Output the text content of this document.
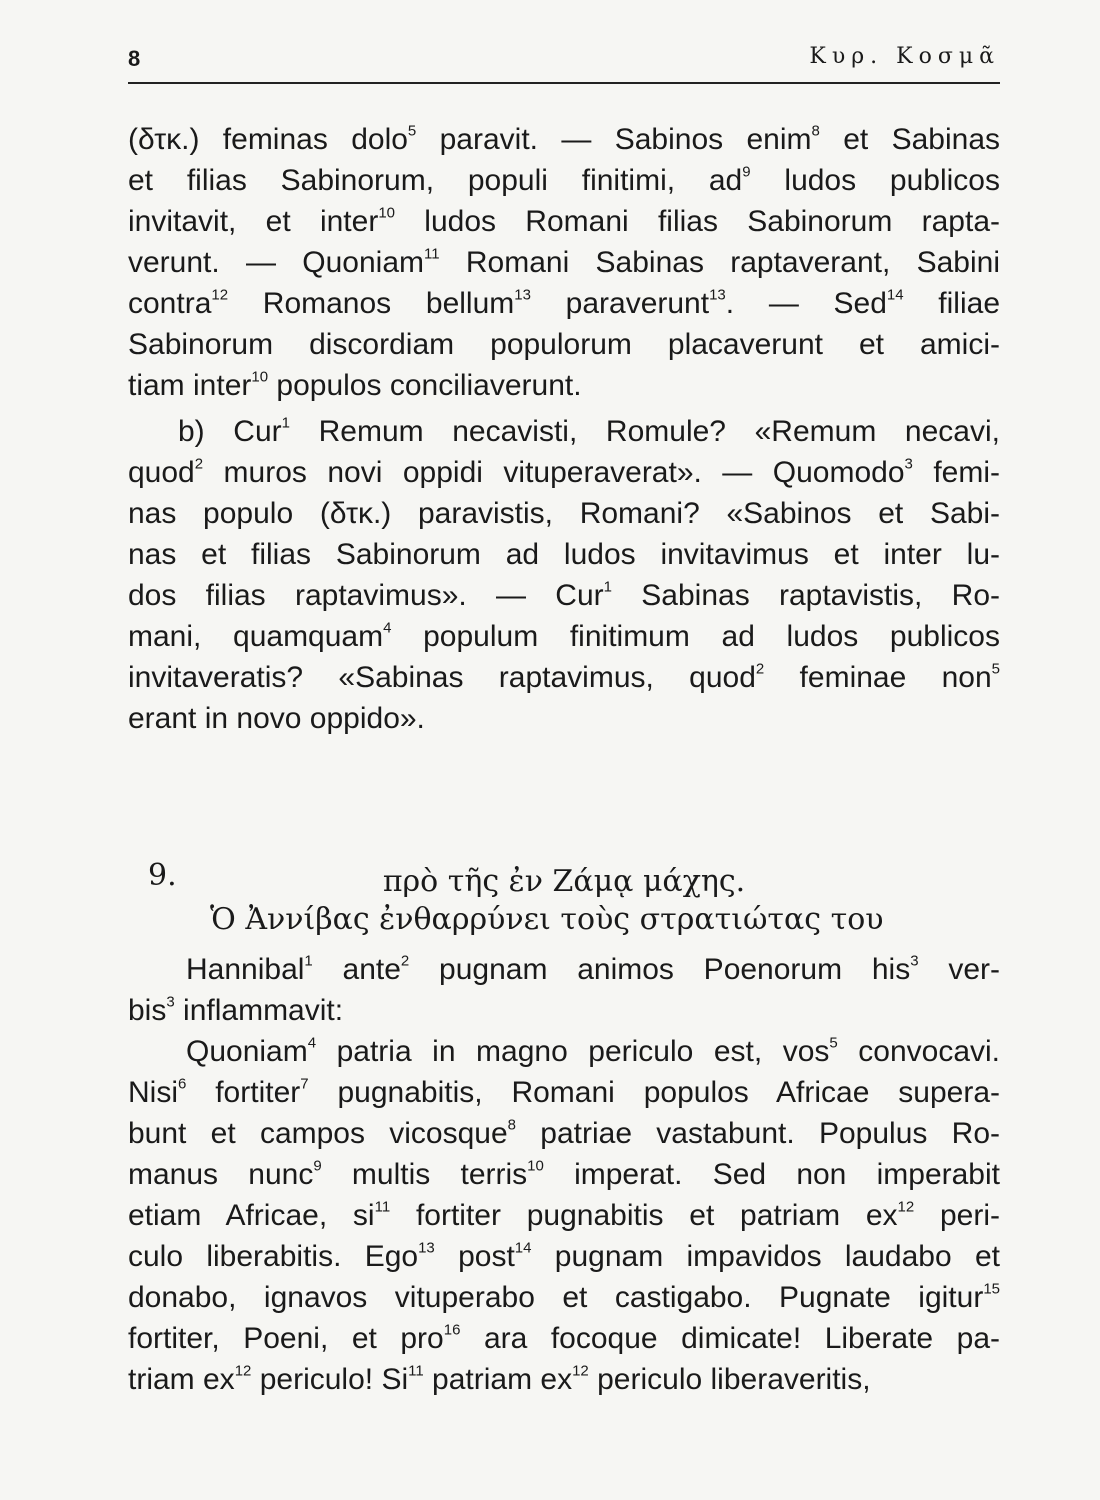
8	Κυρ. Κοσμᾶ
(δτκ.) feminas dolo$^5$ paravit. — Sabinos enim$^8$ et Sabinas
et filias Sabinorum, populi finitimi, $ad^9$ ludos publicos
invitavit, et inter$^{10}$ ludos Romani filias Sabinorum rapta-
verunt. — Quoniam$^{11}$ Romani Sabinas raptaverant, Sabini
contra$^{12}$ Romanos bellum$^{13}$ paraverunt$^{13}$. — Sed$^{14}$ filiae
Sabinorum discordiam populorum placaverunt et amici-
tiam inter$^{10}$ populos conciliaverunt.
b) Cur$^1$ Remum necavisti, Romule? «Remum necavi,
quod$^2$ muros novi oppidi vituperaverat». — Quomodo$^3$ femi-
nas populo (δτκ.) paravistis, Romani? «Sabinos et Sabi-
nas et filias Sabinorum ad ludos invitavimus et inter lu-
dos filias raptavimus». — Cur$^1$ Sabinas raptavistis, Ro-
mani, quamquam$^4$ populum finitimum ad ludos publicos
invitaveratis? «Sabinas raptavimus, quod$^2$ feminae non$^5$
erant in novo oppido».

9.

Ὁ Ἀννίβας ἐνθαρρύνει τοὺς στρατιώτας του

πρὸ τῆς ἐν Ζάμᾳ μάχης.
Hannibal$^1$ ante$^2$ pugnam animos Poenorum his$^3$ ver-
bis$^3$ inflammavit:
Quoniam$^4$ patria in magno periculo est, vos$^5$ convocavi.
Nisi$^6$ fortiter$^7$ pugnabitis, Romani populos Africae supera-
bunt et campos vicosque$^8$ patriae vastabunt. Populus Ro-
manus nunc$^9$ multis terris$^{10}$ imperat. Sed non imperabit
etiam Africae, $si^{11}$ fortiter pugnabitis et patriam $ex^{12}$ peri-
culo liberabitis. Ego$^{13}$ post$^{14}$ pugnam impavidos laudabo et
donabo, ignavos vituperabo et castigabo. Pugnate igitur$^{15}$
fortiter, Poeni, et pro$^{16}$ ara focoque dimicate! Liberate pa-
triam $ex^{12}$ periculo! Si$^{11}$ patriam $ex^{12}$ periculo liberaveritis,
